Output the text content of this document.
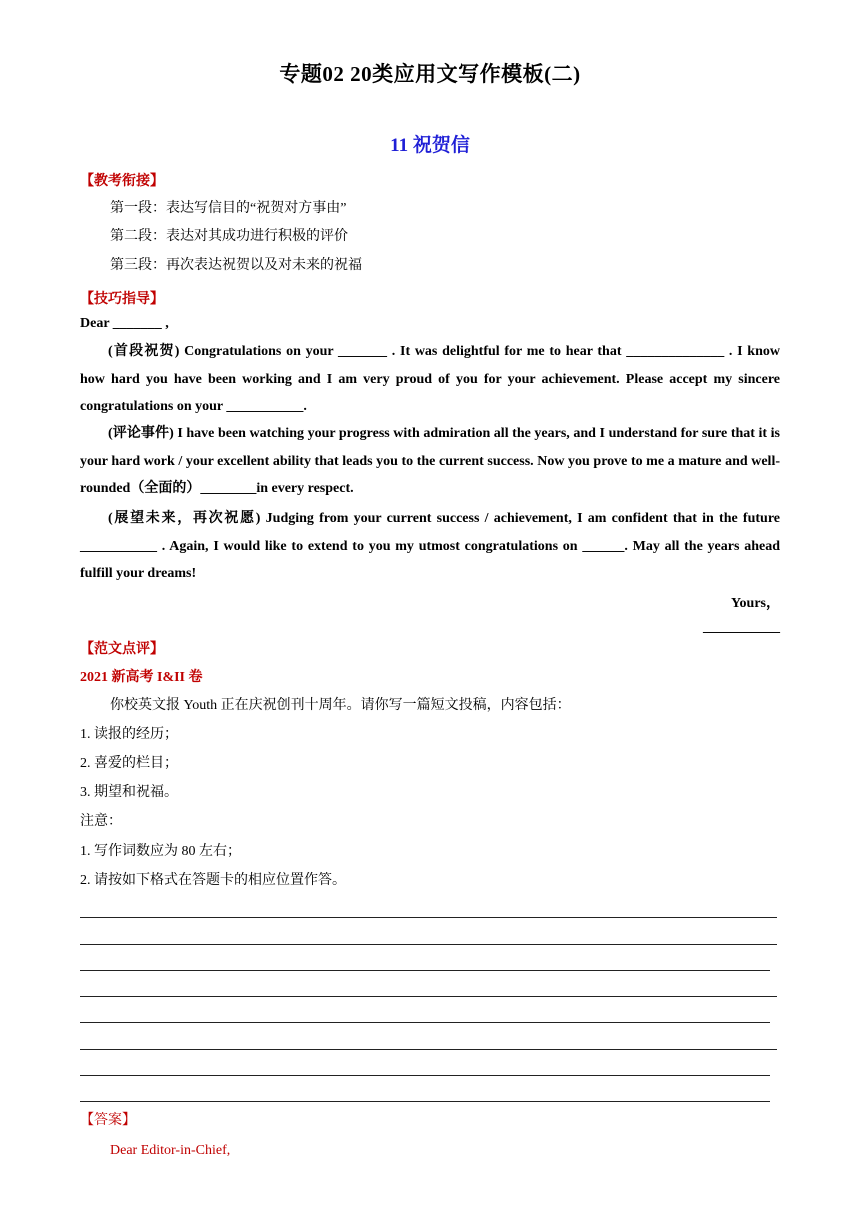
专题02 20类应用文写作模板(二)
11 祝贺信
【教考衔接】
第一段：表达写信目的“祝贺对方事由”
第二段：表达对其成功进行积极的评价
第三段：再次表达祝贺以及对未来的祝福
【技巧指导】
Dear _______ ,
(首段祝贺) Congratulations on your _______ . It was delightful for me to hear that ______________ . I know how hard you have been working and I am very proud of you for your achievement. Please accept my sincere congratulations on your ___________.
(评论事件) I have been watching your progress with admiration all the years, and I understand for sure that it is your hard work / your excellent ability that leads you to the current success. Now you prove to me a mature and well-rounded（全面的）________in every respect.
(展望未来，再次祝愿) Judging from your current success / achievement, I am confident that in the future ___________ . Again, I would like to extend to you my utmost congratulations on ______. May all the years ahead fulfill your dreams!
Yours，
___________
【范文点评】
2021 新高考 I&II 卷
你校英文报 Youth 正在庆祝创刊十周年。请你写一篇短文投稿，内容包括：
1. 读报的经历；
2. 喜爱的栏目；
3. 期望和祝福。
注意：
1. 写作词数应为 80 左右；
2. 请按如下格式在答题卡的相应位置作答。
【答案】
Dear Editor-in-Chief,
